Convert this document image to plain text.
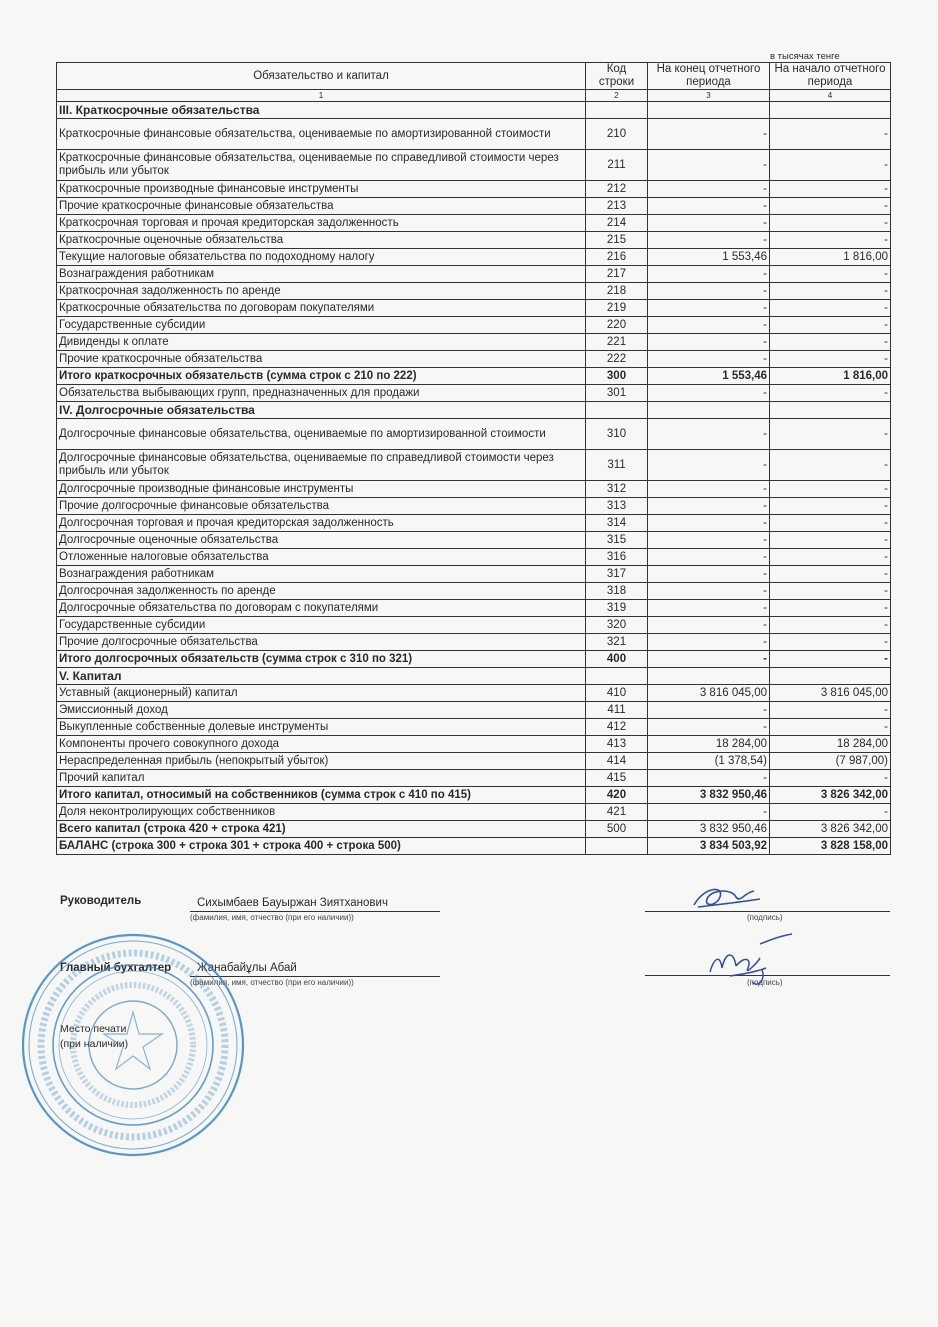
в тысячах тенге
Обязательство и капитал	Код строки	На конец отчетного периода	На начало отчетного периода
1	2	3	4
III. Краткосрочные обязательства			
Краткосрочные финансовые обязательства, оцениваемые по амортизированной стоимости	210	-	-
Краткосрочные финансовые обязательства, оцениваемые по справедливой стоимости через прибыль или убыток	211	-	-
Краткосрочные производные финансовые инструменты	212	-	-
Прочие краткосрочные финансовые обязательства	213	-	-
Краткосрочная торговая и прочая кредиторская задолженность	214	-	-
Краткосрочные оценочные обязательства	215	-	-
Текущие налоговые обязательства по подоходному налогу	216	1 553,46	1 816,00
Вознаграждения работникам	217	-	-
Краткосрочная задолженность по аренде	218	-	-
Краткосрочные обязательства по договорам покупателями	219	-	-
Государственные субсидии	220	-	-
Дивиденды к оплате	221	-	-
Прочие краткосрочные обязательства	222	-	-
Итого краткосрочных обязательств (сумма строк с 210 по 222)	300	1 553,46	1 816,00
Обязательства выбывающих групп, предназначенных для продажи	301	-	-
IV. Долгосрочные обязательства			
Долгосрочные финансовые обязательства, оцениваемые по амортизированной стоимости	310	-	-
Долгосрочные финансовые обязательства, оцениваемые по справедливой стоимости через прибыль или убыток	311	-	-
Долгосрочные производные финансовые инструменты	312	-	-
Прочие долгосрочные финансовые обязательства	313	-	-
Долгосрочная торговая и прочая кредиторская задолженность	314	-	-
Долгосрочные оценочные обязательства	315	-	-
Отложенные налоговые обязательства	316	-	-
Вознаграждения работникам	317	-	-
Долгосрочная задолженность по аренде	318	-	-
Долгосрочные обязательства по договорам с покупателями	319	-	-
Государственные субсидии	320	-	-
Прочие долгосрочные обязательства	321	-	-
Итого долгосрочных обязательств (сумма строк с 310 по 321)	400	-	-
V. Капитал			
Уставный (акционерный) капитал	410	3 816 045,00	3 816 045,00
Эмиссионный доход	411	-	-
Выкупленные собственные долевые инструменты	412	-	-
Компоненты прочего совокупного дохода	413	18 284,00	18 284,00
Нераспределенная прибыль (непокрытый убыток)	414	(1 378,54)	(7 987,00)
Прочий капитал	415	-	-
Итого капитал, относимый на собственников (сумма строк с 410 по 415)	420	3 832 950,46	3 826 342,00
Доля неконтролирующих собственников	421	-	-
Всего капитал (строка 420 + строка 421)	500	3 832 950,46	3 826 342,00
БАЛАНС (строка 300 + строка 301 + строка 400 + строка 500)		3 834 503,92	3 828 158,00
Руководитель	Сихымбаев Бауыржан Зиятханович
(фамилия, имя, отчество (при его наличии))	(подпись)
Главный бухгалтер Жанабайұлы Абай
(фамилия, имя, отчество (при его наличии))	(подпись)
Место печати
(при наличии)
